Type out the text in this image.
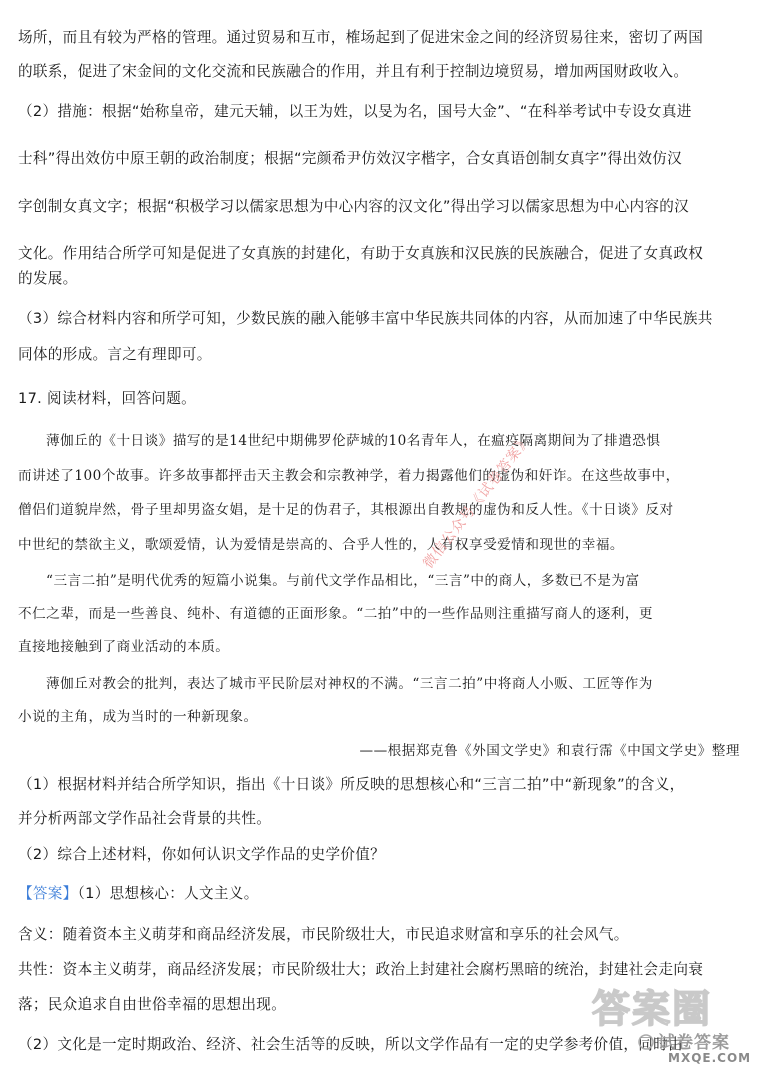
场所，而且有较为严格的管理。通过贸易和互市，榷场起到了促进宋金之间的经济贸易往来，密切了两国
的联系，促进了宋金间的文化交流和民族融合的作用，并且有利于控制边境贸易，增加两国财政收入。
（2）措施：根据“始称皇帝，建元天辅，以王为姓，以旻为名，国号大金”、“在科举考试中专设女真进
士科”得出效仿中原王朝的政治制度；根据“完颜希尹仿效汉字楷字，合女真语创制女真字”得出效仿汉
字创制女真文字；根据“积极学习以儒家思想为中心内容的汉文化”得出学习以儒家思想为中心内容的汉
文化。作用结合所学可知是促进了女真族的封建化，有助于女真族和汉民族的民族融合，促进了女真政权
的发展。
（3）综合材料内容和所学可知，少数民族的融入能够丰富中华民族共同体的内容，从而加速了中华民族共
同体的形成。言之有理即可。
17. 阅读材料，回答问题。
薄伽丘的《十日谈》描写的是14世纪中期佛罗伦萨城的10名青年人，在瘟疫隔离期间为了排遣恐惧
而讲述了100个故事。许多故事都抨击天主教会和宗教神学，着力揭露他们的虚伪和奸诈。在这些故事中，
僧侣们道貌岸然，骨子里却男盗女娼，是十足的伪君子，其根源出自教规的虚伪和反人性。《十日谈》反对
中世纪的禁欲主义，歌颂爱情，认为爱情是崇高的、合乎人性的，人有权享受爱情和现世的幸福。
“三言二拍”是明代优秀的短篇小说集。与前代文学作品相比，“三言”中的商人，多数已不是为富
不仁之辈，而是一些善良、纯朴、有道德的正面形象。“二拍”中的一些作品则注重描写商人的逐利，更
直接地接触到了商业活动的本质。
薄伽丘对教会的批判，表达了城市平民阶层对神权的不满。“三言二拍”中将商人小贩、工匠等作为
小说的主角，成为当时的一种新现象。
——根据郑克鲁《外国文学史》和袁行霈《中国文学史》整理
（1）根据材料并结合所学知识，指出《十日谈》所反映的思想核心和“三言二拍”中“新现象”的含义，
并分析两部文学作品社会背景的共性。
（2）综合上述材料，你如何认识文学作品的史学价值？
【答案】（1）思想核心：人文主义。
含义：随着资本主义萌芽和商品经济发展，市民阶级壮大，市民追求财富和享乐的社会风气。
共性：资本主义萌芽，商品经济发展；市民阶级壮大；政治上封建社会腐朽黑暗的统治，封建社会走向衰
落；民众追求自由世俗幸福的思想出现。
（2）文化是一定时期政治、经济、社会生活等的反映，所以文学作品有一定的史学参考价值，同时由
微信公众号《试卷答案》
答案圈
试卷答案
MXQE.COM
